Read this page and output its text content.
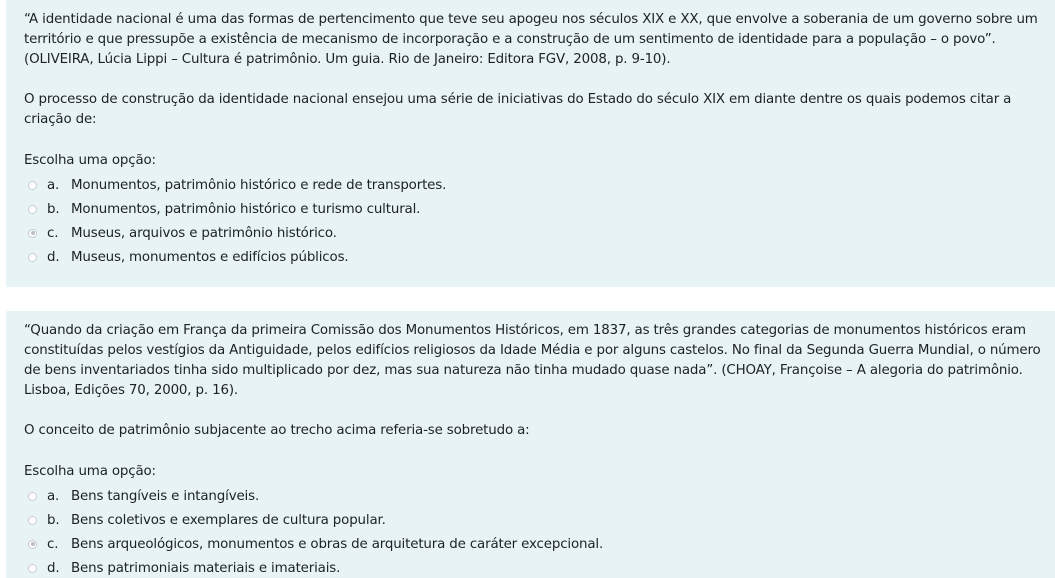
“A identidade nacional é uma das formas de pertencimento que teve seu apogeu nos séculos XIX e XX, que envolve a soberania de um governo sobre um território e que pressupõe a existência de mecanismo de incorporação e a construção de um sentimento de identidade para a população – o povo”. (OLIVEIRA, Lúcia Lippi – Cultura é patrimônio. Um guia. Rio de Janeiro: Editora FGV, 2008, p. 9-10).

O processo de construção da identidade nacional ensejou uma série de iniciativas do Estado do século XIX em diante dentre os quais podemos citar a criação de:

Escolha uma opção:
a. Monumentos, patrimônio histórico e rede de transportes.
b. Monumentos, patrimônio histórico e turismo cultural.
c. Museus, arquivos e patrimônio histórico.
d. Museus, monumentos e edifícios públicos.

“Quando da criação em França da primeira Comissão dos Monumentos Históricos, em 1837, as três grandes categorias de monumentos históricos eram constituídas pelos vestígios da Antiguidade, pelos edifícios religiosos da Idade Média e por alguns castelos. No final da Segunda Guerra Mundial, o número de bens inventariados tinha sido multiplicado por dez, mas sua natureza não tinha mudado quase nada”. (CHOAY, Françoise – A alegoria do patrimônio. Lisboa, Edições 70, 2000, p. 16).

O conceito de patrimônio subjacente ao trecho acima referia-se sobretudo a:

Escolha uma opção:
a. Bens tangíveis e intangíveis.
b. Bens coletivos e exemplares de cultura popular.
c. Bens arqueológicos, monumentos e obras de arquitetura de caráter excepcional.
d. Bens patrimoniais materiais e imateriais.
